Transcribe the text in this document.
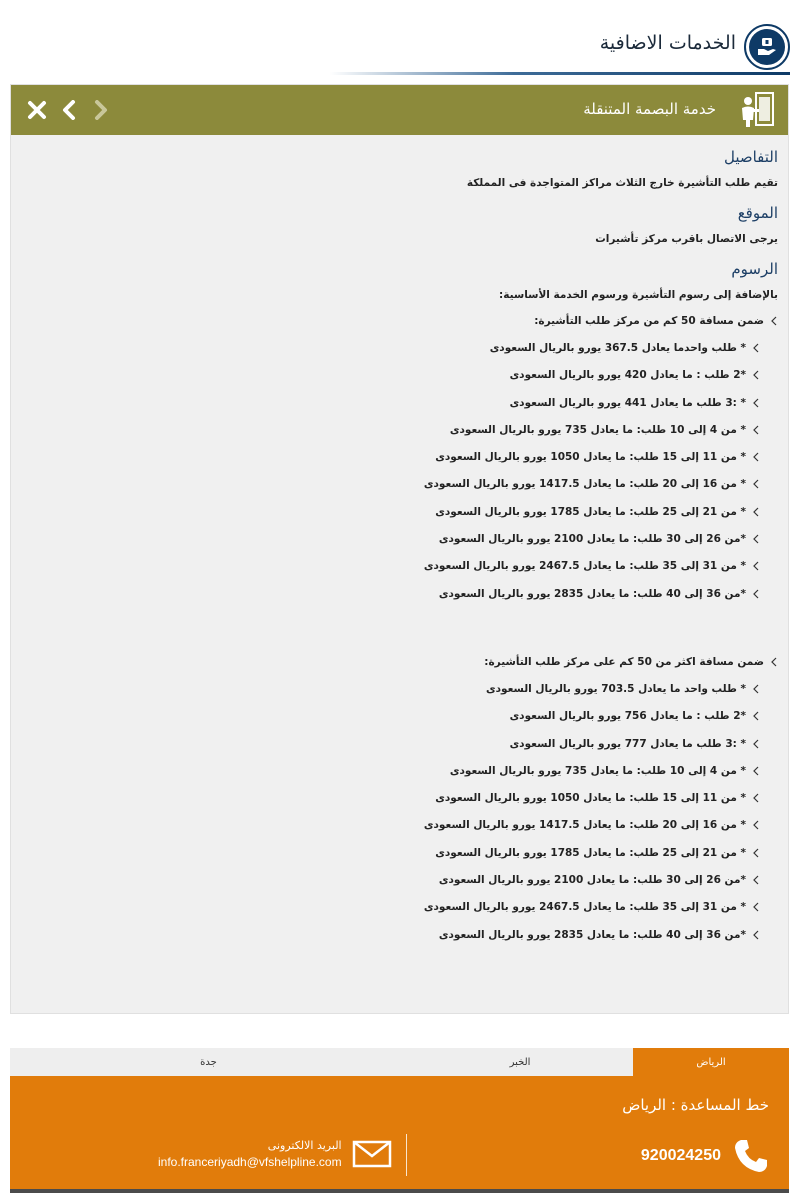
الخدمات الاضافية
خدمة البصمة المتنقلة
التفاصيل
تقيم طلب التأشيرة خارج الثلاث مراكز المتواجدة فى المملكة
الموقع
يرجى الاتصال باقرب مركز تأشيرات
الرسوم
بالإضافة إلى رسوم التأشيرة ورسوم الخدمة الأساسية:
ضمن مسافة 50 كم من مركز طلب التأشيرة:
* طلب واحدما يعادل 367.5 يورو بالريال السعودى
*2 طلب : ما يعادل 420 يورو بالريال السعودى
* :3 طلب ما يعادل 441 يورو بالريال السعودى
* من 4 إلى 10 طلب: ما يعادل 735 يورو بالريال السعودى
* من 11 إلى 15 طلب: ما يعادل 1050 يورو بالريال السعودى
* من 16 إلى 20 طلب: ما يعادل 1417.5 يورو بالريال السعودى
* من 21 إلى 25 طلب: ما يعادل 1785 يورو بالريال السعودى
*من 26 إلى 30 طلب: ما يعادل 2100 يورو بالريال السعودى
* من 31 إلى 35 طلب: ما يعادل 2467.5 يورو بالريال السعودى
*من 36 إلى 40 طلب: ما يعادل 2835 يورو بالريال السعودى
ضمن مسافة اكثر من 50 كم على مركز طلب التأشيرة:
* طلب واحد ما يعادل 703.5 يورو بالريال السعودى
*2 طلب : ما يعادل 756 يورو بالريال السعودى
* :3 طلب ما يعادل 777 يورو بالريال السعودى
* من 4 إلى 10 طلب: ما يعادل 735 يورو بالريال السعودى
* من 11 إلى 15 طلب: ما يعادل 1050 يورو بالريال السعودى
* من 16 إلى 20 طلب: ما يعادل 1417.5 يورو بالريال السعودى
* من 21 إلى 25 طلب: ما يعادل 1785 يورو بالريال السعودى
*من 26 إلى 30 طلب: ما يعادل 2100 يورو بالريال السعودى
* من 31 إلى 35 طلب: ما يعادل 2467.5 يورو بالريال السعودى
*من 36 إلى 40 طلب: ما يعادل 2835 يورو بالريال السعودى
الرياض
الخبر
جدة
خط المساعدة : الرياض
920024250
البريد الالكترونى
info.franceriyadh@vfshelpline.com
